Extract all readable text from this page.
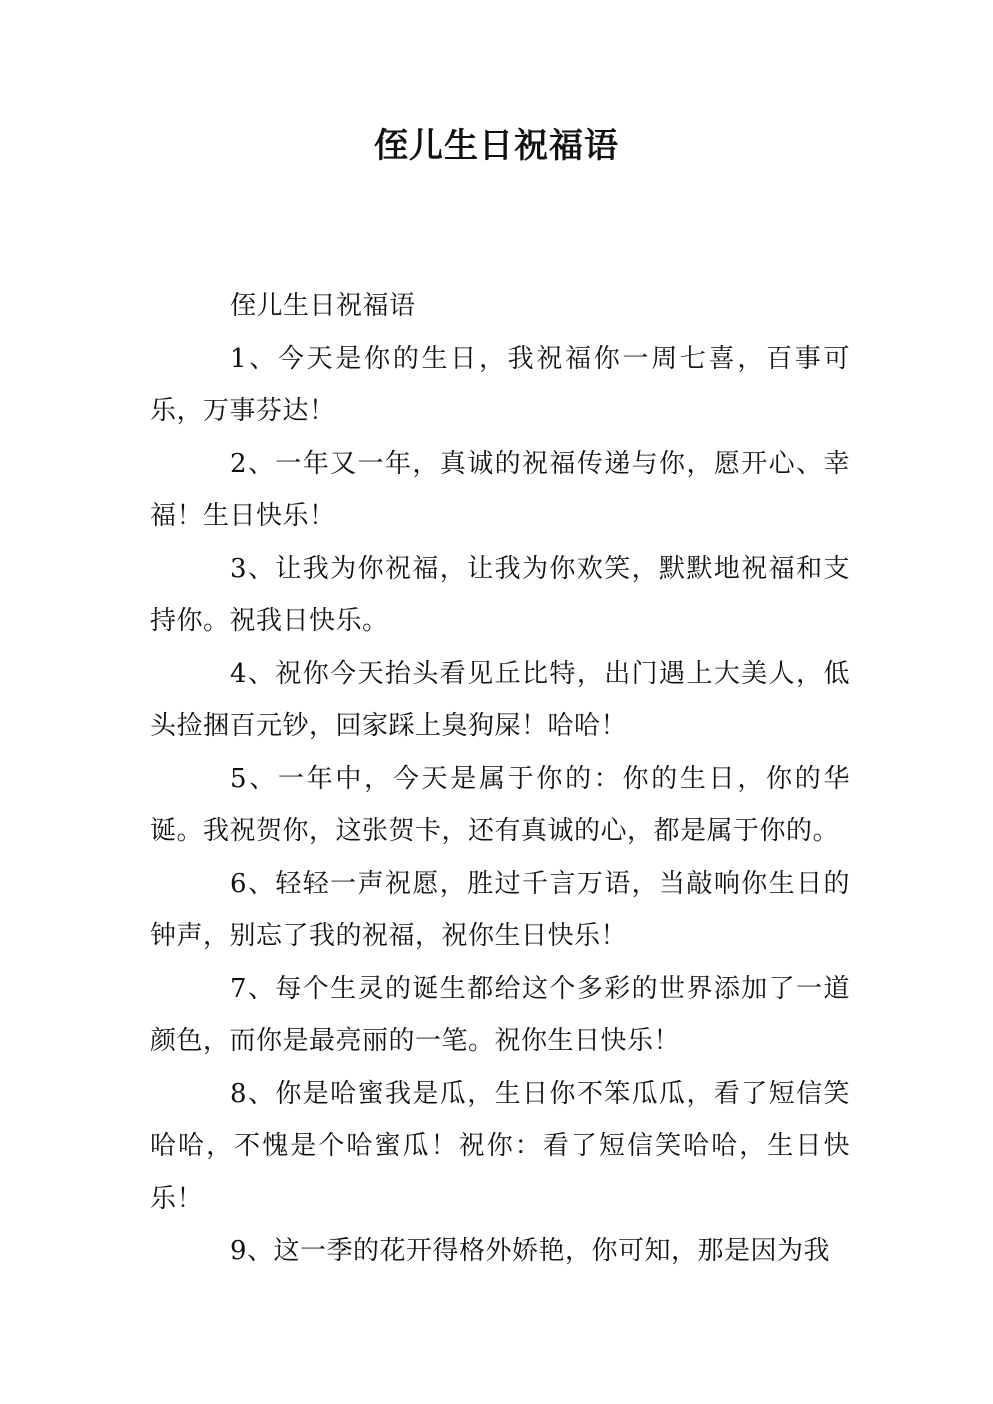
侄儿生日祝福语

侄儿生日祝福语

1、今天是你的生日，我祝福你一周七喜，百事可乐，万事芬达！

2、一年又一年，真诚的祝福传递与你，愿开心、幸福！生日快乐！

3、让我为你祝福，让我为你欢笑，默默地祝福和支持你。祝我日快乐。

4、祝你今天抬头看见丘比特，出门遇上大美人，低头捡捆百元钞，回家踩上臭狗屎！哈哈！

5、一年中，今天是属于你的：你的生日，你的华诞。我祝贺你，这张贺卡，还有真诚的心，都是属于你的。

6、轻轻一声祝愿，胜过千言万语，当敲响你生日的钟声，别忘了我的祝福，祝你生日快乐！

7、每个生灵的诞生都给这个多彩的世界添加了一道颜色，而你是最亮丽的一笔。祝你生日快乐！

8、你是哈蜜我是瓜，生日你不笨瓜瓜，看了短信笑哈哈，不愧是个哈蜜瓜！祝你：看了短信笑哈哈，生日快乐！

9、这一季的花开得格外娇艳，你可知，那是因为我
